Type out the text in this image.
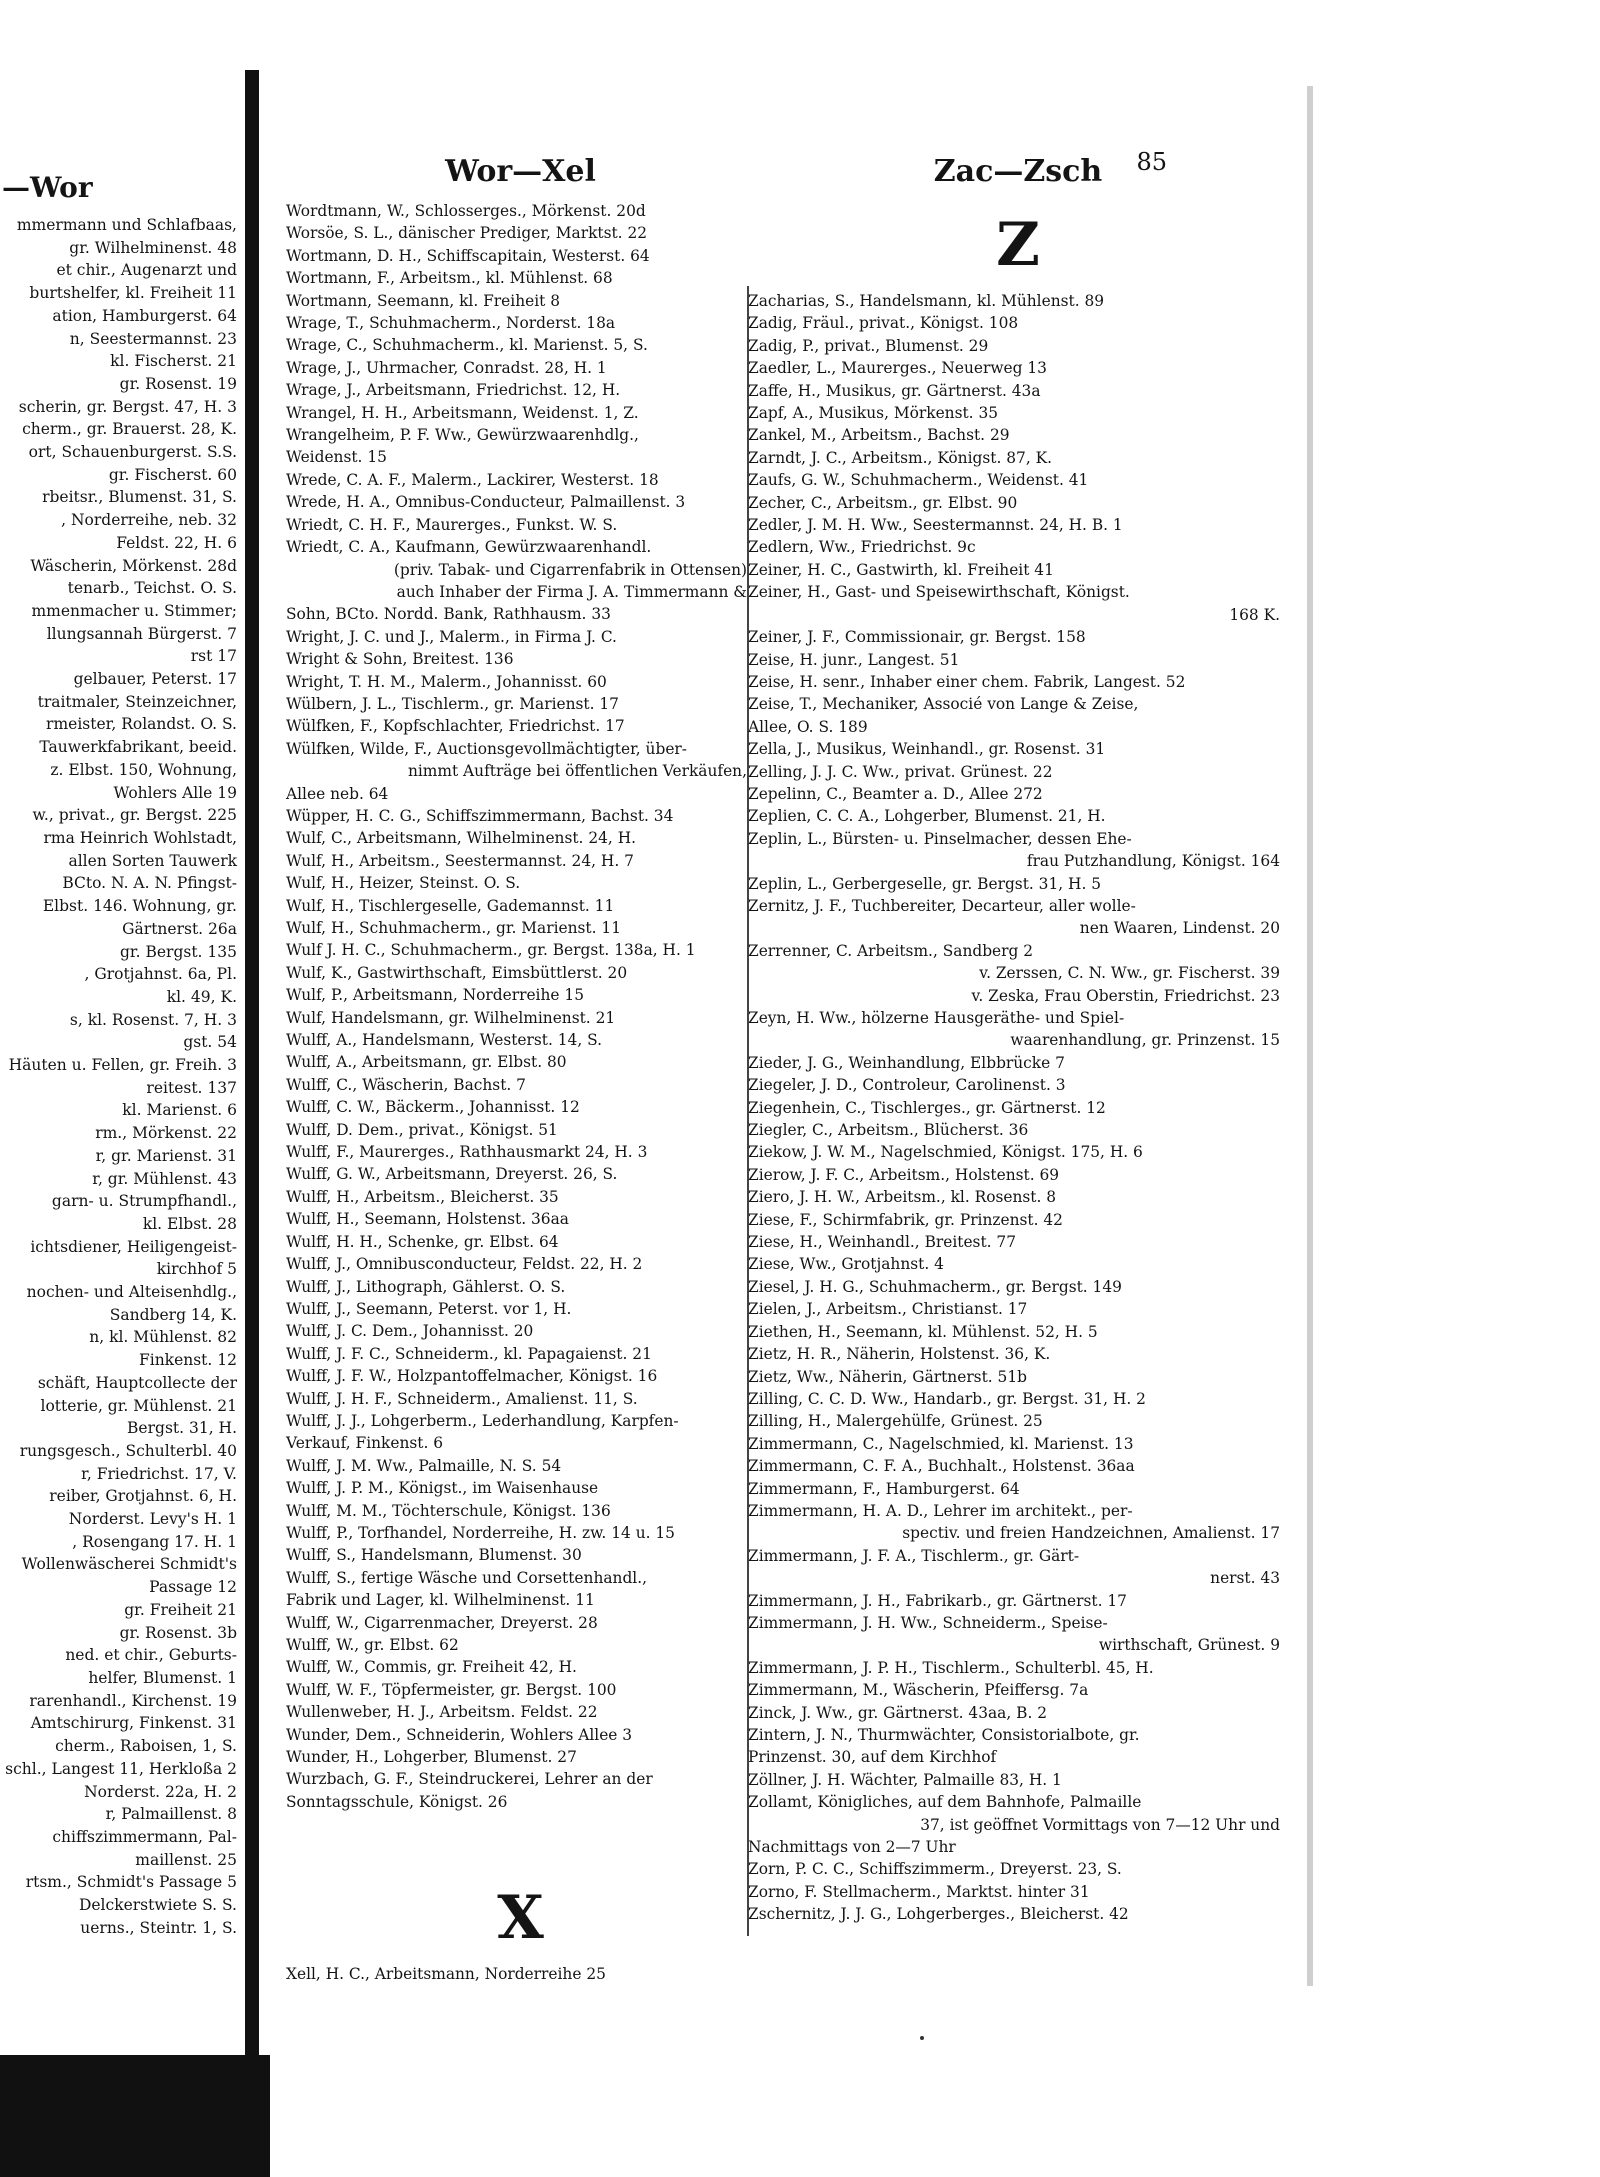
—Wor
mmermann und Schlafbaas,
gr. Wilhelminenst. 48
et chir., Augenarzt und
burtshelfer, kl. Freiheit 11
ation, Hamburgerst. 64
n, Seestermannst. 23
kl. Fischerst. 21
gr. Rosenst. 19
scherin, gr. Bergst. 47, H. 3
cherm., gr. Brauerst. 28, K.
ort, Schauenburgerst. S.S.
gr. Fischerst. 60
rbeitsr., Blumenst. 31, S.
, Norderreihe, neb. 32
Feldst. 22, H. 6
Wäscherin, Mörkenst. 28d
tenarb., Teichst. O. S.
mmenmacher u. Stimmer;
llungsannah Bürgerst. 7
rst 17
gelbauer, Peterst. 17
traitmaler, Steinzeichner,
rmeister, Rolandst. O. S.
Tauwerkfabrikant, beeid.
z. Elbst. 150, Wohnung,
Wohlers Alle 19
w., privat., gr. Bergst. 225
rma Heinrich Wohlstadt,
allen Sorten Tauwerk
BCto. N. A. N. Pfingst-
Elbst. 146. Wohnung, gr.
Gärtnerst. 26a
gr. Bergst. 135
, Grotjahnst. 6a, Pl.
kl. 49, K.
s, kl. Rosenst. 7, H. 3
gst. 54
Häuten u. Fellen, gr. Freih. 3
reitest. 137
kl. Marienst. 6
rm., Mörkenst. 22
r, gr. Marienst. 31
r, gr. Mühlenst. 43
garn- u. Strumpfhandl.,
kl. Elbst. 28
ichtsdiener, Heiligengeist-
kirchhof 5
nochen- und Alteisenhdlg.,
Sandberg 14, K.
n, kl. Mühlenst. 82
Finkenst. 12
schäft, Hauptcollecte der
lotterie, gr. Mühlenst. 21
Bergst. 31, H.
rungsgesch., Schulterbl. 40
r, Friedrichst. 17, V.
reiber, Grotjahnst. 6, H.
Norderst. Levy's H. 1
, Rosengang 17. H. 1
Wollenwäscherei Schmidt's
Passage 12
gr. Freiheit 21
gr. Rosenst. 3b
ned. et chir., Geburts-
helfer, Blumenst. 1
rarenhandl., Kirchenst. 19
Amtschirurg, Finkenst. 31
cherm., Raboisen, 1, S.
schl., Langest 11, Herkloßa 2
Norderst. 22a, H. 2
r, Palmaillenst. 8
chiffszimmermann, Pal-
maillenst. 25
rtsm., Schmidt's Passage 5
Delckerstwiete S. S.
uerns., Steintr. 1, S.
85
Wor—Xel
Wordtmann, W., Schlosserges., Mörkenst. 20d
Worsöe, S. L., dänischer Prediger, Marktst. 22
Wortmann, D. H., Schiffscapitain, Westerst. 64
Wortmann, F., Arbeitsm., kl. Mühlenst. 68
Wortmann, Seemann, kl. Freiheit 8
Wrage, T., Schuhmacherm., Norderst. 18a
Wrage, C., Schuhmacherm., kl. Marienst. 5, S.
Wrage, J., Uhrmacher, Conradst. 28, H. 1
Wrage, J., Arbeitsmann, Friedrichst. 12, H.
Wrangel, H. H., Arbeitsmann, Weidenst. 1, Z.
Wrangelheim, P. F. Ww., Gewürzwaarenhdlg.,
Weidenst. 15
Wrede, C. A. F., Malerm., Lackirer, Westerst. 18
Wrede, H. A., Omnibus-Conducteur, Palmaillenst. 3
Wriedt, C. H. F., Maurerges., Funkst. W. S.
Wriedt, C. A., Kaufmann, Gewürzwaarenhandl.
(priv. Tabak- und Cigarrenfabrik in Ottensen)
auch Inhaber der Firma J. A. Timmermann &
Sohn, BCto. Nordd. Bank, Rathhausm. 33
Wright, J. C. und J., Malerm., in Firma J. C.
Wright & Sohn, Breitest. 136
Wright, T. H. M., Malerm., Johannisst. 60
Wülbern, J. L., Tischlerm., gr. Marienst. 17
Wülfken, F., Kopfschlachter, Friedrichst. 17
Wülfken, Wilde, F., Auctionsgevollmächtigter, über-
nimmt Aufträge bei öffentlichen Verkäufen,
Allee neb. 64
Wüpper, H. C. G., Schiffszimmermann, Bachst. 34
Wulf, C., Arbeitsmann, Wilhelminenst. 24, H.
Wulf, H., Arbeitsm., Seestermannst. 24, H. 7
Wulf, H., Heizer, Steinst. O. S.
Wulf, H., Tischlergeselle, Gademannst. 11
Wulf, H., Schuhmacherm., gr. Marienst. 11
Wulf J. H. C., Schuhmacherm., gr. Bergst. 138a, H. 1
Wulf, K., Gastwirthschaft, Eimsbüttlerst. 20
Wulf, P., Arbeitsmann, Norderreihe 15
Wulf, Handelsmann, gr. Wilhelminenst. 21
Wulff, A., Handelsmann, Westerst. 14, S.
Wulff, A., Arbeitsmann, gr. Elbst. 80
Wulff, C., Wäscherin, Bachst. 7
Wulff, C. W., Bäckerm., Johannisst. 12
Wulff, D. Dem., privat., Königst. 51
Wulff, F., Maurerges., Rathhausmarkt 24, H. 3
Wulff, G. W., Arbeitsmann, Dreyerst. 26, S.
Wulff, H., Arbeitsm., Bleicherst. 35
Wulff, H., Seemann, Holstenst. 36aa
Wulff, H. H., Schenke, gr. Elbst. 64
Wulff, J., Omnibusconducteur, Feldst. 22, H. 2
Wulff, J., Lithograph, Gählerst. O. S.
Wulff, J., Seemann, Peterst. vor 1, H.
Wulff, J. C. Dem., Johannisst. 20
Wulff, J. F. C., Schneiderm., kl. Papagaienst. 21
Wulff, J. F. W., Holzpantoffelmacher, Königst. 16
Wulff, J. H. F., Schneiderm., Amalienst. 11, S.
Wulff, J. J., Lohgerberm., Lederhandlung, Karpfen-
Verkauf, Finkenst. 6
Wulff, J. M. Ww., Palmaille, N. S. 54
Wulff, J. P. M., Königst., im Waisenhause
Wulff, M. M., Töchterschule, Königst. 136
Wulff, P., Torfhandel, Norderreihe, H. zw. 14 u. 15
Wulff, S., Handelsmann, Blumenst. 30
Wulff, S., fertige Wäsche und Corsettenhandl.,
Fabrik und Lager, kl. Wilhelminenst. 11
Wulff, W., Cigarrenmacher, Dreyerst. 28
Wulff, W., gr. Elbst. 62
Wulff, W., Commis, gr. Freiheit 42, H.
Wulff, W. F., Töpfermeister, gr. Bergst. 100
Wullenweber, H. J., Arbeitsm. Feldst. 22
Wunder, Dem., Schneiderin, Wohlers Allee 3
Wunder, H., Lohgerber, Blumenst. 27
Wurzbach, G. F., Steindruckerei, Lehrer an der
Sonntagsschule, Königst. 26
X
Xell, H. C., Arbeitsmann, Norderreihe 25
Zac—Zsch
Z
Zacharias, S., Handelsmann, kl. Mühlenst. 89
Zadig, Fräul., privat., Königst. 108
Zadig, P., privat., Blumenst. 29
Zaedler, L., Maurerges., Neuerweg 13
Zaffe, H., Musikus, gr. Gärtnerst. 43a
Zapf, A., Musikus, Mörkenst. 35
Zankel, M., Arbeitsm., Bachst. 29
Zarndt, J. C., Arbeitsm., Königst. 87, K.
Zaufs, G. W., Schuhmacherm., Weidenst. 41
Zecher, C., Arbeitsm., gr. Elbst. 90
Zedler, J. M. H. Ww., Seestermannst. 24, H. B. 1
Zedlern, Ww., Friedrichst. 9c
Zeiner, H. C., Gastwirth, kl. Freiheit 41
Zeiner, H., Gast- und Speisewirthschaft, Königst.
168 K.
Zeiner, J. F., Commissionair, gr. Bergst. 158
Zeise, H. junr., Langest. 51
Zeise, H. senr., Inhaber einer chem. Fabrik, Langest. 52
Zeise, T., Mechaniker, Associé von Lange & Zeise,
Allee, O. S. 189
Zella, J., Musikus, Weinhandl., gr. Rosenst. 31
Zelling, J. J. C. Ww., privat. Grünest. 22
Zepelinn, C., Beamter a. D., Allee 272
Zeplien, C. C. A., Lohgerber, Blumenst. 21, H.
Zeplin, L., Bürsten- u. Pinselmacher, dessen Ehe-
frau Putzhandlung, Königst. 164
Zeplin, L., Gerbergeselle, gr. Bergst. 31, H. 5
Zernitz, J. F., Tuchbereiter, Decarteur, aller wolle-
nen Waaren, Lindenst. 20
Zerrenner, C. Arbeitsm., Sandberg 2
v. Zerssen, C. N. Ww., gr. Fischerst. 39
v. Zeska, Frau Oberstin, Friedrichst. 23
Zeyn, H. Ww., hölzerne Hausgeräthe- und Spiel-
waarenhandlung, gr. Prinzenst. 15
Zieder, J. G., Weinhandlung, Elbbrücke 7
Ziegeler, J. D., Controleur, Carolinenst. 3
Ziegenhein, C., Tischlerges., gr. Gärtnerst. 12
Ziegler, C., Arbeitsm., Blücherst. 36
Ziekow, J. W. M., Nagelschmied, Königst. 175, H. 6
Zierow, J. F. C., Arbeitsm., Holstenst. 69
Ziero, J. H. W., Arbeitsm., kl. Rosenst. 8
Ziese, F., Schirmfabrik, gr. Prinzenst. 42
Ziese, H., Weinhandl., Breitest. 77
Ziese, Ww., Grotjahnst. 4
Ziesel, J. H. G., Schuhmacherm., gr. Bergst. 149
Zielen, J., Arbeitsm., Christianst. 17
Ziethen, H., Seemann, kl. Mühlenst. 52, H. 5
Zietz, H. R., Näherin, Holstenst. 36, K.
Zietz, Ww., Näherin, Gärtnerst. 51b
Zilling, C. C. D. Ww., Handarb., gr. Bergst. 31, H. 2
Zilling, H., Malergehülfe, Grünest. 25
Zimmermann, C., Nagelschmied, kl. Marienst. 13
Zimmermann, C. F. A., Buchhalt., Holstenst. 36aa
Zimmermann, F., Hamburgerst. 64
Zimmermann, H. A. D., Lehrer im architekt., per-
spectiv. und freien Handzeichnen, Amalienst. 17
Zimmermann, J. F. A., Tischlerm., gr. Gärt-
nerst. 43
Zimmermann, J. H., Fabrikarb., gr. Gärtnerst. 17
Zimmermann, J. H. Ww., Schneiderm., Speise-
wirthschaft, Grünest. 9
Zimmermann, J. P. H., Tischlerm., Schulterbl. 45, H.
Zimmermann, M., Wäscherin, Pfeiffersg. 7a
Zinck, J. Ww., gr. Gärtnerst. 43aa, B. 2
Zintern, J. N., Thurmwächter, Consistorialbote, gr.
Prinzenst. 30, auf dem Kirchhof
Zöllner, J. H. Wächter, Palmaille 83, H. 1
Zollamt, Königliches, auf dem Bahnhofe, Palmaille
37, ist geöffnet Vormittags von 7—12 Uhr und
Nachmittags von 2—7 Uhr
Zorn, P. C. C., Schiffszimmerm., Dreyerst. 23, S.
Zorno, F. Stellmacherm., Marktst. hinter 31
Zschernitz, J. J. G., Lohgerberges., Bleicherst. 42
